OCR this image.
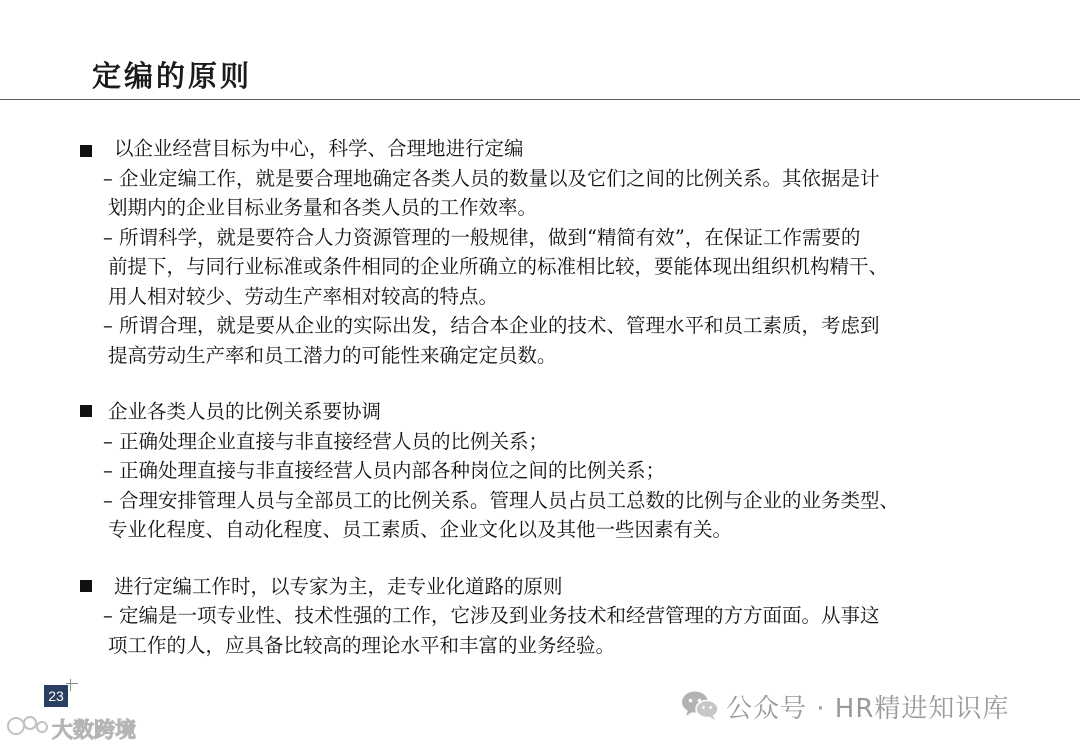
定编的原则
以企业经营目标为中心，科学、合理地进行定编
– 企业定编工作，就是要合理地确定各类人员的数量以及它们之间的比例关系。其依据是计
划期内的企业目标业务量和各类人员的工作效率。
– 所谓科学，就是要符合人力资源管理的一般规律，做到“精简有效”，在保证工作需要的
前提下，与同行业标准或条件相同的企业所确立的标准相比较，要能体现出组织机构精干、
用人相对较少、劳动生产率相对较高的特点。
– 所谓合理，就是要从企业的实际出发，结合本企业的技术、管理水平和员工素质，考虑到
提高劳动生产率和员工潜力的可能性来确定定员数。
企业各类人员的比例关系要协调
– 正确处理企业直接与非直接经营人员的比例关系；
– 正确处理直接与非直接经营人员内部各种岗位之间的比例关系；
– 合理安排管理人员与全部员工的比例关系。管理人员占员工总数的比例与企业的业务类型、
专业化程度、自动化程度、员工素质、企业文化以及其他一些因素有关。
进行定编工作时，以专家为主，走专业化道路的原则
– 定编是一项专业性、技术性强的工作，它涉及到业务技术和经营管理的方方面面。从事这
项工作的人，应具备比较高的理论水平和丰富的业务经验。
23	公众号 · HR精进知识库
大数跨境
